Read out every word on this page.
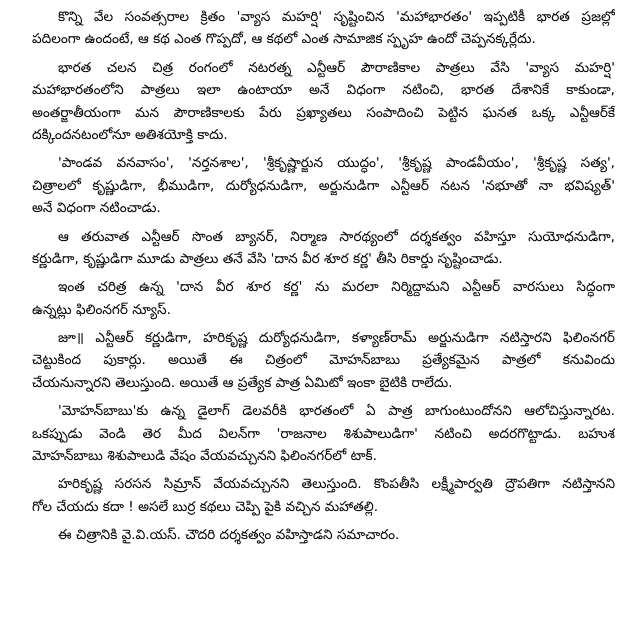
కొన్ని వేల సంవత్సరాల క్రితం 'వ్యాస మహర్షి' సృష్టించిన 'మహాభారతం' ఇప్పటికీ భారత ప్రజల్లో
పదిలంగా ఉందంటే, ఆ కథ ఎంత గొప్పదో, ఆ కథలో ఎంత సామాజిక స్పృహ ఉందో చెప్పనక్కర్లేదు.
భారత చలన చిత్ర రంగంలో నటరత్న ఎన్టీఆర్ పౌరాణికాల పాత్రలు వేసి 'వ్యాస మహర్షి'
మహాభారతంలోని పాత్రలు ఇలా ఉంటాయా అనే విధంగా నటించి, భారత దేశానికే కాకుండా,
అంతర్జాతీయంగా మన పౌరాణికాలకు పేరు ప్రఖ్యాతలు సంపాదించి పెట్టిన ఘనత ఒక్క ఎన్టీఆర్‌కే
దక్కిందనటంలోనూ అతిశయోక్తి కాదు.
'పాండవ వనవాసం', 'నర్తనశాల', 'శ్రీకృష్ణార్జున యుద్ధం', 'శ్రీకృష్ణ పాండవీయం', 'శ్రీకృష్ణ సత్య',
చిత్రాలలో కృష్ణుడిగా, భీముడిగా, దుర్యోధనుడిగా, అర్జునుడిగా ఎన్టీఆర్ నటన 'నభూతో నా భవిష్యత్'
అనే విధంగా నటించాడు.
ఆ తరువాత ఎన్టీఆర్ సొంత బ్యానర్, నిర్మాణ సారథ్యంలో దర్శకత్వం వహిస్తూ సుయోధనుడిగా,
కర్ణుడిగా, కృష్ణుడిగా మూడు పాత్రలు తనే వేసి 'దాన వీర శూర కర్ణ' తీసి రికార్డు సృష్టించాడు.
ఇంత చరిత్ర ఉన్న 'దాన వీర శూర కర్ణ' ను మరలా నిర్మిద్దామని ఎన్టీఆర్ వారసులు సిద్ధంగా
ఉన్నట్లు ఫిలింనగర్ న్యూస్.
జూ॥ ఎన్టీఆర్ కర్ణుడిగా, హరికృష్ణ దుర్యోధనుడిగా, కళ్యాణ్‌రామ్ అర్జునుడిగా నటిస్తారని ఫిలింనగర్
చెట్టుకింద పుకార్లు. అయితే ఈ చిత్రంలో మోహన్‌బాబు ప్రత్యేకమైన పాత్రలో కనువిందు
చేయనున్నారని తెలుస్తుంది. అయితే ఆ ప్రత్యేక పాత్ర ఏమిటో ఇంకా బైటికి రాలేదు.
'మోహన్‌బాబు'కు ఉన్న డైలాగ్ డెలవరీకి భారతంలో ఏ పాత్ర బాగుంటుందోనని ఆలోచిస్తున్నారట.
ఒకప్పుడు వెండి తెర మీద విలన్‌గా 'రాజనాల శిశుపాలుడిగా' నటించి అదరగొట్టాడు. బహుశ
మోహన్‌బాబు శిశుపాలుడి వేషం వేయవచ్చునని ఫిలింనగర్‌లో టాక్.
హరికృష్ణ సరసన సిమ్రాన్ వేయవచ్చునని తెలుస్తుంది. కొంపతీసి లక్ష్మీపార్వతి ద్రౌపతిగా నటిస్తానని
గోల చేయదు కదా ! అసలే బుర్ర కథలు చెప్పి పైకి వచ్చిన మహాతల్లి.
ఈ చిత్రానికి వై.వి.యస్. చౌదరి దర్శకత్వం వహిస్తాడని సమాచారం.
